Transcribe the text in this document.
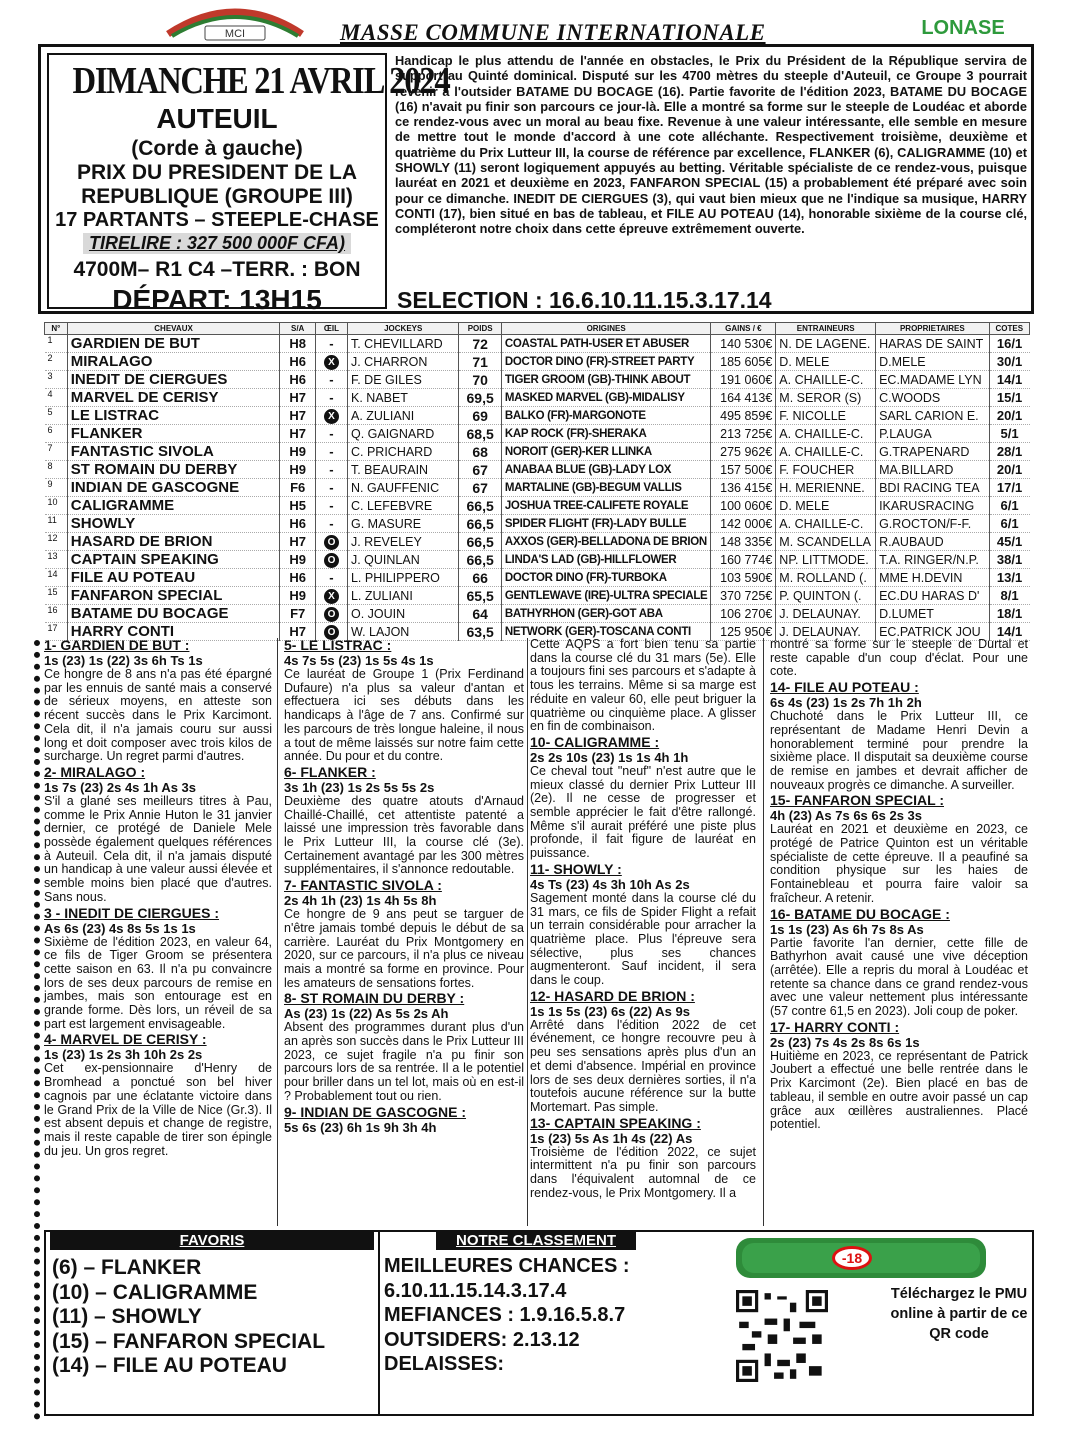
MCI	MASSE COMMUNE INTERNATIONALE	LONASE
DIMANCHE 21 AVRIL 2024
AUTEUIL
(Corde à gauche)
PRIX DU PRESIDENT DE LA
REPUBLIQUE (GROUPE III)
17 PARTANTS – STEEPLE-CHASE
TIRELIRE : 327 500 000F CFA)
4700M– R1 C4 –TERR. : BON
DÉPART: 13H15
Handicap le plus attendu de l'année en obstacles, le Prix du Président de la République servira de support au Quinté dominical. Disputé sur les 4700 mètres du steeple d'Auteuil, ce Groupe 3 pourrait revenir à l'outsider BATAME DU BOCAGE (16). Partie favorite de l'édition 2023, BATAME DU BOCAGE (16) n'avait pu finir son parcours ce jour-là. Elle a montré sa forme sur le steeple de Loudéac et aborde ce rendez-vous avec un moral au beau fixe. Revenue à une valeur intéressante, elle semble en mesure de mettre tout le monde d'accord à une cote alléchante. Respectivement troisième, deuxième et quatrième du Prix Lutteur III, la course de référence par excellence, FLANKER (6), CALIGRAMME (10) et SHOWLY (11) seront logiquement appuyés au betting. Véritable spécialiste de ce rendez-vous, puisque lauréat en 2021 et deuxième en 2023, FANFARON SPECIAL (15) a probablement été préparé avec soin pour ce dimanche. INEDIT DE CIERGUES (3), qui vaut bien mieux que ne l'indique sa musique, HARRY CONTI (17), bien situé en bas de tableau, et FILE AU POTEAU (14), honorable sixième de la course clé, compléteront notre choix dans cette épreuve extrêmement ouverte.
SELECTION : 16.6.10.11.15.3.17.14
N°	CHEVAUX	S/A	ŒIL	JOCKEYS	POIDS	ORIGINES	GAINS / €	ENTRAINEURS	PROPRIETAIRES	COTES
1	GARDIEN DE BUT	H8	-	T. CHEVILLARD	72	COASTAL PATH-USER ET ABUSER	140 530€	N. DE LAGENE.	HARAS DE SAINT	16/1
2	MIRALAGO	H6	X	J. CHARRON	71	DOCTOR DINO (FR)-STREET PARTY	185 605€	D. MELE	D.MELE	30/1
3	INEDIT DE CIERGUES	H6	-	F. DE GILES	70	TIGER GROOM (GB)-THINK ABOUT	191 060€	A. CHAILLE-C.	EC.MADAME LYN	14/1
4	MARVEL DE CERISY	H7	-	K. NABET	69,5	MASKED MARVEL (GB)-MIDALISY	164 413€	M. SEROR (S)	C.WOODS	15/1
5	LE LISTRAC	H7	X	A. ZULIANI	69	BALKO (FR)-MARGONOTE	495 859€	F. NICOLLE	SARL CARION E.	20/1
6	FLANKER	H7	-	Q. GAIGNARD	68,5	KAP ROCK (FR)-SHERAKA	213 725€	A. CHAILLE-C.	P.LAUGA	5/1
7	FANTASTIC SIVOLA	H9	-	C. PRICHARD	68	NOROIT (GER)-KER LLINKA	275 962€	A. CHAILLE-C.	G.TRAPENARD	28/1
8	ST ROMAIN DU DERBY	H9	-	T. BEAURAIN	67	ANABAA BLUE (GB)-LADY LOX	157 500€	F. FOUCHER	MA.BILLARD	20/1
9	INDIAN DE GASCOGNE	F6	-	N. GAUFFENIC	67	MARTALINE (GB)-BEGUM VALLIS	136 415€	H. MERIENNE.	BDI RACING TEA	17/1
10	CALIGRAMME	H5	-	C. LEFEBVRE	66,5	JOSHUA TREE-CALIFETE ROYALE	100 060€	D. MELE	IKARUSRACING	6/1
11	SHOWLY	H6	-	G. MASURE	66,5	SPIDER FLIGHT (FR)-LADY BULLE	142 000€	A. CHAILLE-C.	G.ROCTON/F-F.	6/1
12	HASARD DE BRION	H7	O	J. REVELEY	66,5	AXXOS (GER)-BELLADONA DE BRION	148 335€	M. SCANDELLA	R.AUBAUD	45/1
13	CAPTAIN SPEAKING	H9	O	J. QUINLAN	66,5	LINDA'S LAD (GB)-HILLFLOWER	160 774€	NP. LITTMODE.	T.A. RINGER/N.P.	38/1
14	FILE AU POTEAU	H6	-	L. PHILIPPERO	66	DOCTOR DINO (FR)-TURBOKA	103 590€	M. ROLLAND (.	MME H.DEVIN	13/1
15	FANFARON SPECIAL	H9	X	L. ZULIANI	65,5	GENTLEWAVE (IRE)-ULTRA SPECIALE	370 725€	P. QUINTON (.	EC.DU HARAS D'	8/1
16	BATAME DU BOCAGE	F7	O	O. JOUIN	64	BATHYRHON (GER)-GOT ABA	106 270€	J. DELAUNAY.	D.LUMET	18/1
17	HARRY CONTI	H7	O	W. LAJON	63,5	NETWORK (GER)-TOSCANA CONTI	125 950€	J. DELAUNAY.	EC.PATRICK JOU	14/1
1- GARDIEN DE BUT :
1s (23) 1s (22) 3s 6h Ts 1s
Ce hongre de 8 ans n'a pas été épargné par les ennuis de santé mais a conservé de sérieux moyens, en atteste son récent succès dans le Prix Karcimont. Cela dit, il n'a jamais couru sur aussi long et doit composer avec trois kilos de surcharge. Un regret parmi d'autres.
2- MIRALAGO :
1s 7s (23) 2s 4s 1h As 3s
S'il a glané ses meilleurs titres à Pau, comme le Prix Annie Huton le 31 janvier dernier, ce protégé de Daniele Mele possède également quelques références à Auteuil. Cela dit, il n'a jamais disputé un handicap à une valeur aussi élevée et semble moins bien placé que d'autres. Sans nous.
3 - INEDIT DE CIERGUES :
As 6s (23) 4s 8s 5s 1s 1s
Sixième de l'édition 2023, en valeur 64, ce fils de Tiger Groom se présentera cette saison en 63. Il n'a pu convaincre lors de ses deux parcours de remise en jambes, mais son entourage est en grande forme. Dès lors, un réveil de sa part est largement envisageable.
4- MARVEL DE CERISY :
1s (23) 1s 2s 3h 10h 2s 2s
Cet ex-pensionnaire d'Henry de Bromhead a ponctué son bel hiver cagnois par une éclatante victoire dans le Grand Prix de la Ville de Nice (Gr.3). Il est absent depuis et change de registre, mais il reste capable de tirer son épingle du jeu. Un gros regret.
5- LE LISTRAC :
4s 7s 5s (23) 1s 5s 4s 1s
Ce lauréat de Groupe 1 (Prix Ferdinand Dufaure) n'a plus sa valeur d'antan et effectuera ici ses débuts dans les handicaps à l'âge de 7 ans. Confirmé sur les parcours de très longue haleine, il nous a tout de même laissés sur notre faim cette année. Du pour et du contre.
6- FLANKER :
3s 1h (23) 1s 2s 5s 5s 2s
Deuxième des quatre atouts d'Arnaud Chaillé-Chaillé, cet attentiste patenté a laissé une impression très favorable dans le Prix Lutteur III, la course clé (3e). Certainement avantagé par les 300 mètres supplémentaires, il s'annonce redoutable.
7- FANTASTIC SIVOLA :
2s 4h 1h (23) 1s 4h 5s 8h
Ce hongre de 9 ans peut se targuer de n'être jamais tombé depuis le début de sa carrière. Lauréat du Prix Montgomery en 2020, sur ce parcours, il n'a plus ce niveau mais a montré sa forme en province. Pour les amateurs de sensations fortes.
8- ST ROMAIN DU DERBY :
As (23) 1s (22) As 5s 2s Ah
Absent des programmes durant plus d'un an après son succès dans le Prix Lutteur III 2023, ce sujet fragile n'a pu finir son parcours lors de sa rentrée. Il a le potentiel pour briller dans un tel lot, mais où en est-il ? Probablement tout ou rien.
9- INDIAN DE GASCOGNE :
5s 6s (23) 6h 1s 9h 3h 4h
Cette AQPS a fort bien tenu sa partie dans la course clé du 31 mars (5e). Elle a toujours fini ses parcours et s'adapte à tous les terrains. Même si sa marge est réduite en valeur 60, elle peut briguer la quatrième ou cinquième place. A glisser en fin de combinaison.
10- CALIGRAMME :
2s 2s 10s (23) 1s 1s 4h 1h
Ce cheval tout "neuf" n'est autre que le mieux classé du dernier Prix Lutteur III (2e). Il ne cesse de progresser et semble apprécier le fait d'être rallongé. Même s'il aurait préféré une piste plus profonde, il fait figure de lauréat en puissance.
11- SHOWLY :
4s Ts (23) 4s 3h 10h As 2s
Sagement monté dans la course clé du 31 mars, ce fils de Spider Flight a refait un terrain considérable pour arracher la quatrième place. Plus l'épreuve sera sélective, plus ses chances augmenteront. Sauf incident, il sera dans le coup.
12- HASARD DE BRION :
1s 1s 5s (23) 6s (22) As 9s
Arrêté dans l'édition 2022 de cet événement, ce hongre recouvre peu à peu ses sensations après plus d'un an et demi d'absence. Impérial en province lors de ses deux dernières sorties, il n'a toutefois aucune référence sur la butte Mortemart. Pas simple.
13- CAPTAIN SPEAKING :
1s (23) 5s As 1h 4s (22) As
Troisième de l'édition 2022, ce sujet intermittent n'a pu finir son parcours dans l'équivalent automnal de ce rendez-vous, le Prix Montgomery. Il a
montré sa forme sur le steeple de Durtal et reste capable d'un coup d'éclat. Pour une cote.
14- FILE AU POTEAU :
6s 4s (23) 1s 2s 7h 1h 2h
Chuchoté dans le Prix Lutteur III, ce représentant de Madame Henri Devin a honorablement terminé pour prendre la sixième place. Il disputait sa deuxième course de remise en jambes et devrait afficher de nouveaux progrès ce dimanche. A surveiller.
15- FANFARON SPECIAL :
4h (23) As 7s 6s 6s 2s 3s
Lauréat en 2021 et deuxième en 2023, ce protégé de Patrice Quinton est un véritable spécialiste de cette épreuve. Il a peaufiné sa condition physique sur les haies de Fontainebleau et pourra faire valoir sa fraîcheur. A retenir.
16- BATAME DU BOCAGE :
1s 1s (23) As 6h 7s 8s As
Partie favorite l'an dernier, cette fille de Bathyrhon avait causé une vive déception (arrêtée). Elle a repris du moral à Loudéac et retente sa chance dans ce grand rendez-vous avec une valeur nettement plus intéressante (57 contre 61,5 en 2023). Joli coup de poker.
17- HARRY CONTI :
2s (23) 7s 4s 2s 8s 6s 1s
Huitième en 2023, ce représentant de Patrick Joubert a effectué une belle rentrée dans le Prix Karcimont (2e). Bien placé en bas de tableau, il semble en outre avoir passé un cap grâce aux œillères australiennes. Placé potentiel.
FAVORIS
(6) – FLANKER
(10) – CALIGRAMME
(11) – SHOWLY
(15) – FANFARON SPECIAL
(14) – FILE AU POTEAU
NOTRE CLASSEMENT
MEILLEURES CHANCES :
6.10.11.15.14.3.17.4
MEFIANCES : 1.9.16.5.8.7
OUTSIDERS: 2.13.12
DELAISSES:
-18
Téléchargez le PMU online à partir de ce QR code
